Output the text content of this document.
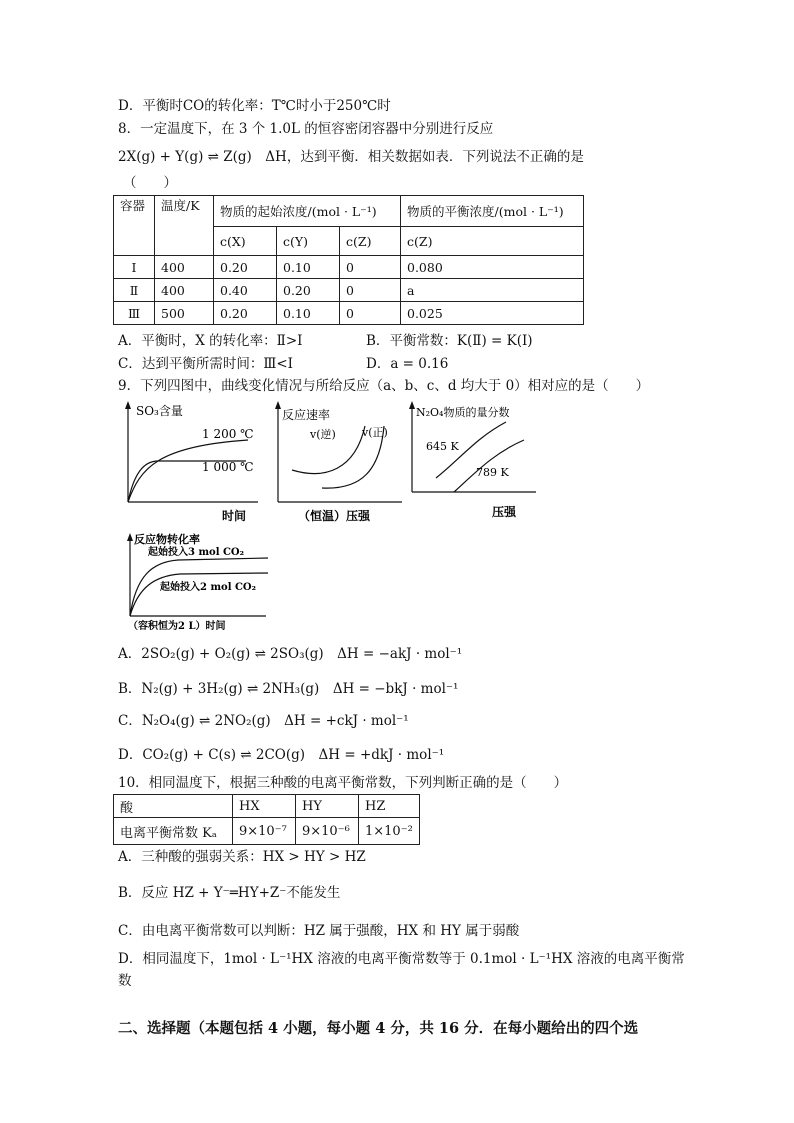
D．平衡时CO的转化率：T℃时小于250℃时
8．一定温度下，在 3 个 1.0L 的恒容密闭容器中分别进行反应
2X(g) + Y(g) ⇌ Z(g)　ΔH，达到平衡．相关数据如表．下列说法不正确的是
（　　）
容器	温度/K	物质的起始浓度/(mol · L⁻¹)			物质的平衡浓度/(mol · L⁻¹)
		c(X)	c(Y)	c(Z)	c(Z)
Ⅰ	400	0.20	0.10	0	0.080
Ⅱ	400	0.40	0.20	0	a
Ⅲ	500	0.20	0.10	0	0.025
A．平衡时，X 的转化率：Ⅱ>Ⅰ	B．平衡常数：K(Ⅱ) = K(Ⅰ)
C．达到平衡所需时间：Ⅲ<Ⅰ	D．a = 0.16
9．下列四图中，曲线变化情况与所给反应（a、b、c、d 均大于 0）相对应的是（　　）
SO₃含量
1 200 ℃
1 000 ℃
时间
反应速率
v(逆) v(正)
（恒温）压强
N₂O₄物质的量分数
645 K
789 K
压强
反应物转化率
起始投入3 mol CO₂
起始投入2 mol CO₂
（容积恒为2 L）时间
A．2SO₂(g) + O₂(g) ⇌ 2SO₃(g)　ΔH = −akJ · mol⁻¹
B．N₂(g) + 3H₂(g) ⇌ 2NH₃(g)　ΔH = −bkJ · mol⁻¹
C．N₂O₄(g) ⇌ 2NO₂(g)　ΔH = +ckJ · mol⁻¹
D．CO₂(g) + C(s) ⇌ 2CO(g)　ΔH = +dkJ · mol⁻¹
10．相同温度下，根据三种酸的电离平衡常数，下列判断正确的是（　　）
酸	HX	HY	HZ
电离平衡常数 Kₐ	9×10⁻⁷	9×10⁻⁶	1×10⁻²
A．三种酸的强弱关系：HX > HY > HZ
B．反应 HZ + Y⁻═HY+Z⁻不能发生
C．由电离平衡常数可以判断：HZ 属于强酸，HX 和 HY 属于弱酸
D．相同温度下，1mol · L⁻¹HX 溶液的电离平衡常数等于 0.1mol · L⁻¹HX 溶液的电离平衡常
数
二、选择题（本题包括 4 小题，每小题 4 分，共 16 分．在每小题给出的四个选
